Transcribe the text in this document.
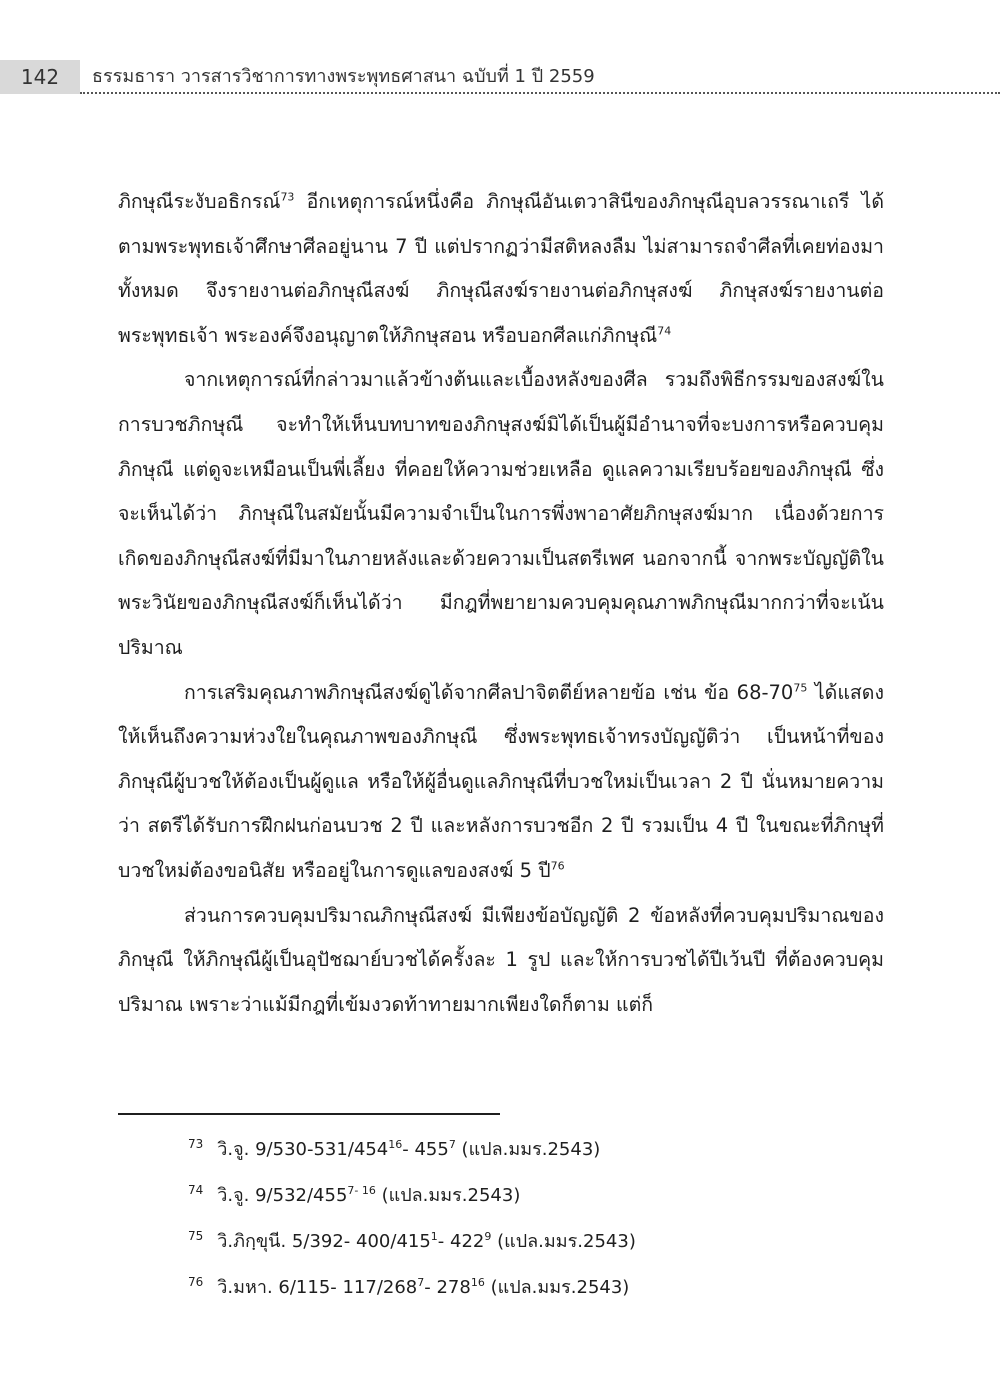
142	ธรรมธารา วารสารวิชาการทางพระพุทธศาสนา ฉบับที่ 1 ปี 2559

ภิกษุณีระงับอธิกรณ์$^{73}$ อีกเหตุการณ์หนึ่งคือ ภิกษุณีอันเตวาสินีของภิกษุณีอุบลวรรณาเถรี ได้ตามพระพุทธเจ้าศึกษาศีลอยู่นาน 7 ปี แต่ปรากฏว่ามีสติหลงลืม ไม่สามารถจำศีลที่เคยท่องมาทั้งหมด จึงรายงานต่อภิกษุณีสงฆ์ ภิกษุณีสงฆ์รายงานต่อภิกษุสงฆ์ ภิกษุสงฆ์รายงานต่อพระพุทธเจ้า พระองค์จึงอนุญาตให้ภิกษุสอน หรือบอกศีลแก่ภิกษุณี$^{74}$

จากเหตุการณ์ที่กล่าวมาแล้วข้างต้นและเบื้องหลังของศีล รวมถึงพิธีกรรมของสงฆ์ในการบวชภิกษุณี จะทำให้เห็นบทบาทของภิกษุสงฆ์มิได้เป็นผู้มีอำนาจที่จะบงการหรือควบคุมภิกษุณี แต่ดูจะเหมือนเป็นพี่เลี้ยง ที่คอยให้ความช่วยเหลือ ดูแลความเรียบร้อยของภิกษุณี ซึ่งจะเห็นได้ว่า ภิกษุณีในสมัยนั้นมีความจำเป็นในการพึ่งพาอาศัยภิกษุสงฆ์มาก เนื่องด้วยการเกิดของภิกษุณีสงฆ์ที่มีมาในภายหลังและด้วยความเป็นสตรีเพศ นอกจากนี้ จากพระบัญญัติในพระวินัยของภิกษุณีสงฆ์ก็เห็นได้ว่า มีกฎที่พยายามควบคุมคุณภาพภิกษุณีมากกว่าที่จะเน้นปริมาณ

การเสริมคุณภาพภิกษุณีสงฆ์ดูได้จากศีลปาจิตตีย์หลายข้อ เช่น ข้อ 68-70$^{75}$ ได้แสดงให้เห็นถึงความห่วงใยในคุณภาพของภิกษุณี ซึ่งพระพุทธเจ้าทรงบัญญัติว่า เป็นหน้าที่ของภิกษุณีผู้บวชให้ต้องเป็นผู้ดูแล หรือให้ผู้อื่นดูแลภิกษุณีที่บวชใหม่เป็นเวลา 2 ปี นั่นหมายความว่า สตรีได้รับการฝึกฝนก่อนบวช 2 ปี และหลังการบวชอีก 2 ปี รวมเป็น 4 ปี ในขณะที่ภิกษุที่บวชใหม่ต้องขอนิสัย หรืออยู่ในการดูแลของสงฆ์ 5 ปี$^{76}$

ส่วนการควบคุมปริมาณภิกษุณีสงฆ์ มีเพียงข้อบัญญัติ 2 ข้อหลังที่ควบคุมปริมาณของภิกษุณี ให้ภิกษุณีผู้เป็นอุปัชฌาย์บวชได้ครั้งละ 1 รูป และให้การบวชได้ปีเว้นปี ที่ต้องควบคุมปริมาณ เพราะว่าแม้มีกฎที่เข้มงวดท้าทายมากเพียงใดก็ตาม แต่ก็

$^{73}$ วิ.จู. $9/530-531/454^{16}-$ $455^7$ (แปล.มมร.2543)
$^{74}$ วิ.จู. 9/532/455$^{7- 16}$ (แปล.มมร.2543)
$^{75}$ วิ.ภิกฺขุนี. 5/392- $400/415^1-$ $422^9$ (แปล.มมร.2543)
$^{76}$ วิ.มหา. 6/115- $117/268^7-$ $278^{16}$ (แปล.มมร.2543)
